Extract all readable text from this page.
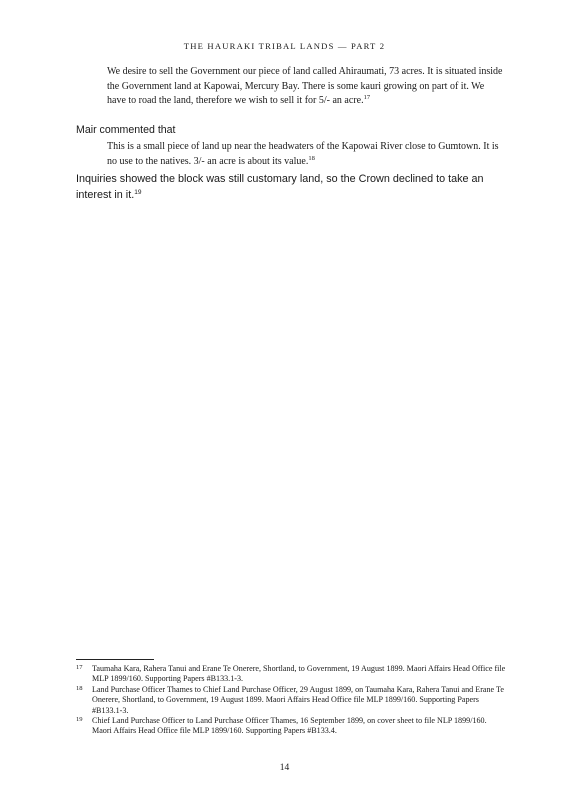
THE HAURAKI TRIBAL LANDS — PART 2
We desire to sell the Government our piece of land called Ahiraumati, 73 acres. It is situated inside the Government land at Kapowai, Mercury Bay. There is some kauri growing on part of it. We have to road the land, therefore we wish to sell it for 5/- an acre.$^{17}$
Mair commented that
This is a small piece of land up near the headwaters of the Kapowai River close to Gumtown. It is no use to the natives. 3/- an acre is about its value.$^{18}$
Inquiries showed the block was still customary land, so the Crown declined to take an interest in it.$^{19}$
17 Taumaha Kara, Rahera Tanui and Erane Te Onerere, Shortland, to Government, 19 August 1899. Maori Affairs Head Office file MLP 1899/160. Supporting Papers #B133.1-3.
18 Land Purchase Officer Thames to Chief Land Purchase Officer, 29 August 1899, on Taumaha Kara, Rahera Tanui and Erane Te Onerere, Shortland, to Government, 19 August 1899. Maori Affairs Head Office file MLP 1899/160. Supporting Papers #B133.1-3.
19 Chief Land Purchase Officer to Land Purchase Officer Thames, 16 September 1899, on cover sheet to file NLP 1899/160. Maori Affairs Head Office file MLP 1899/160. Supporting Papers #B133.4.
14
